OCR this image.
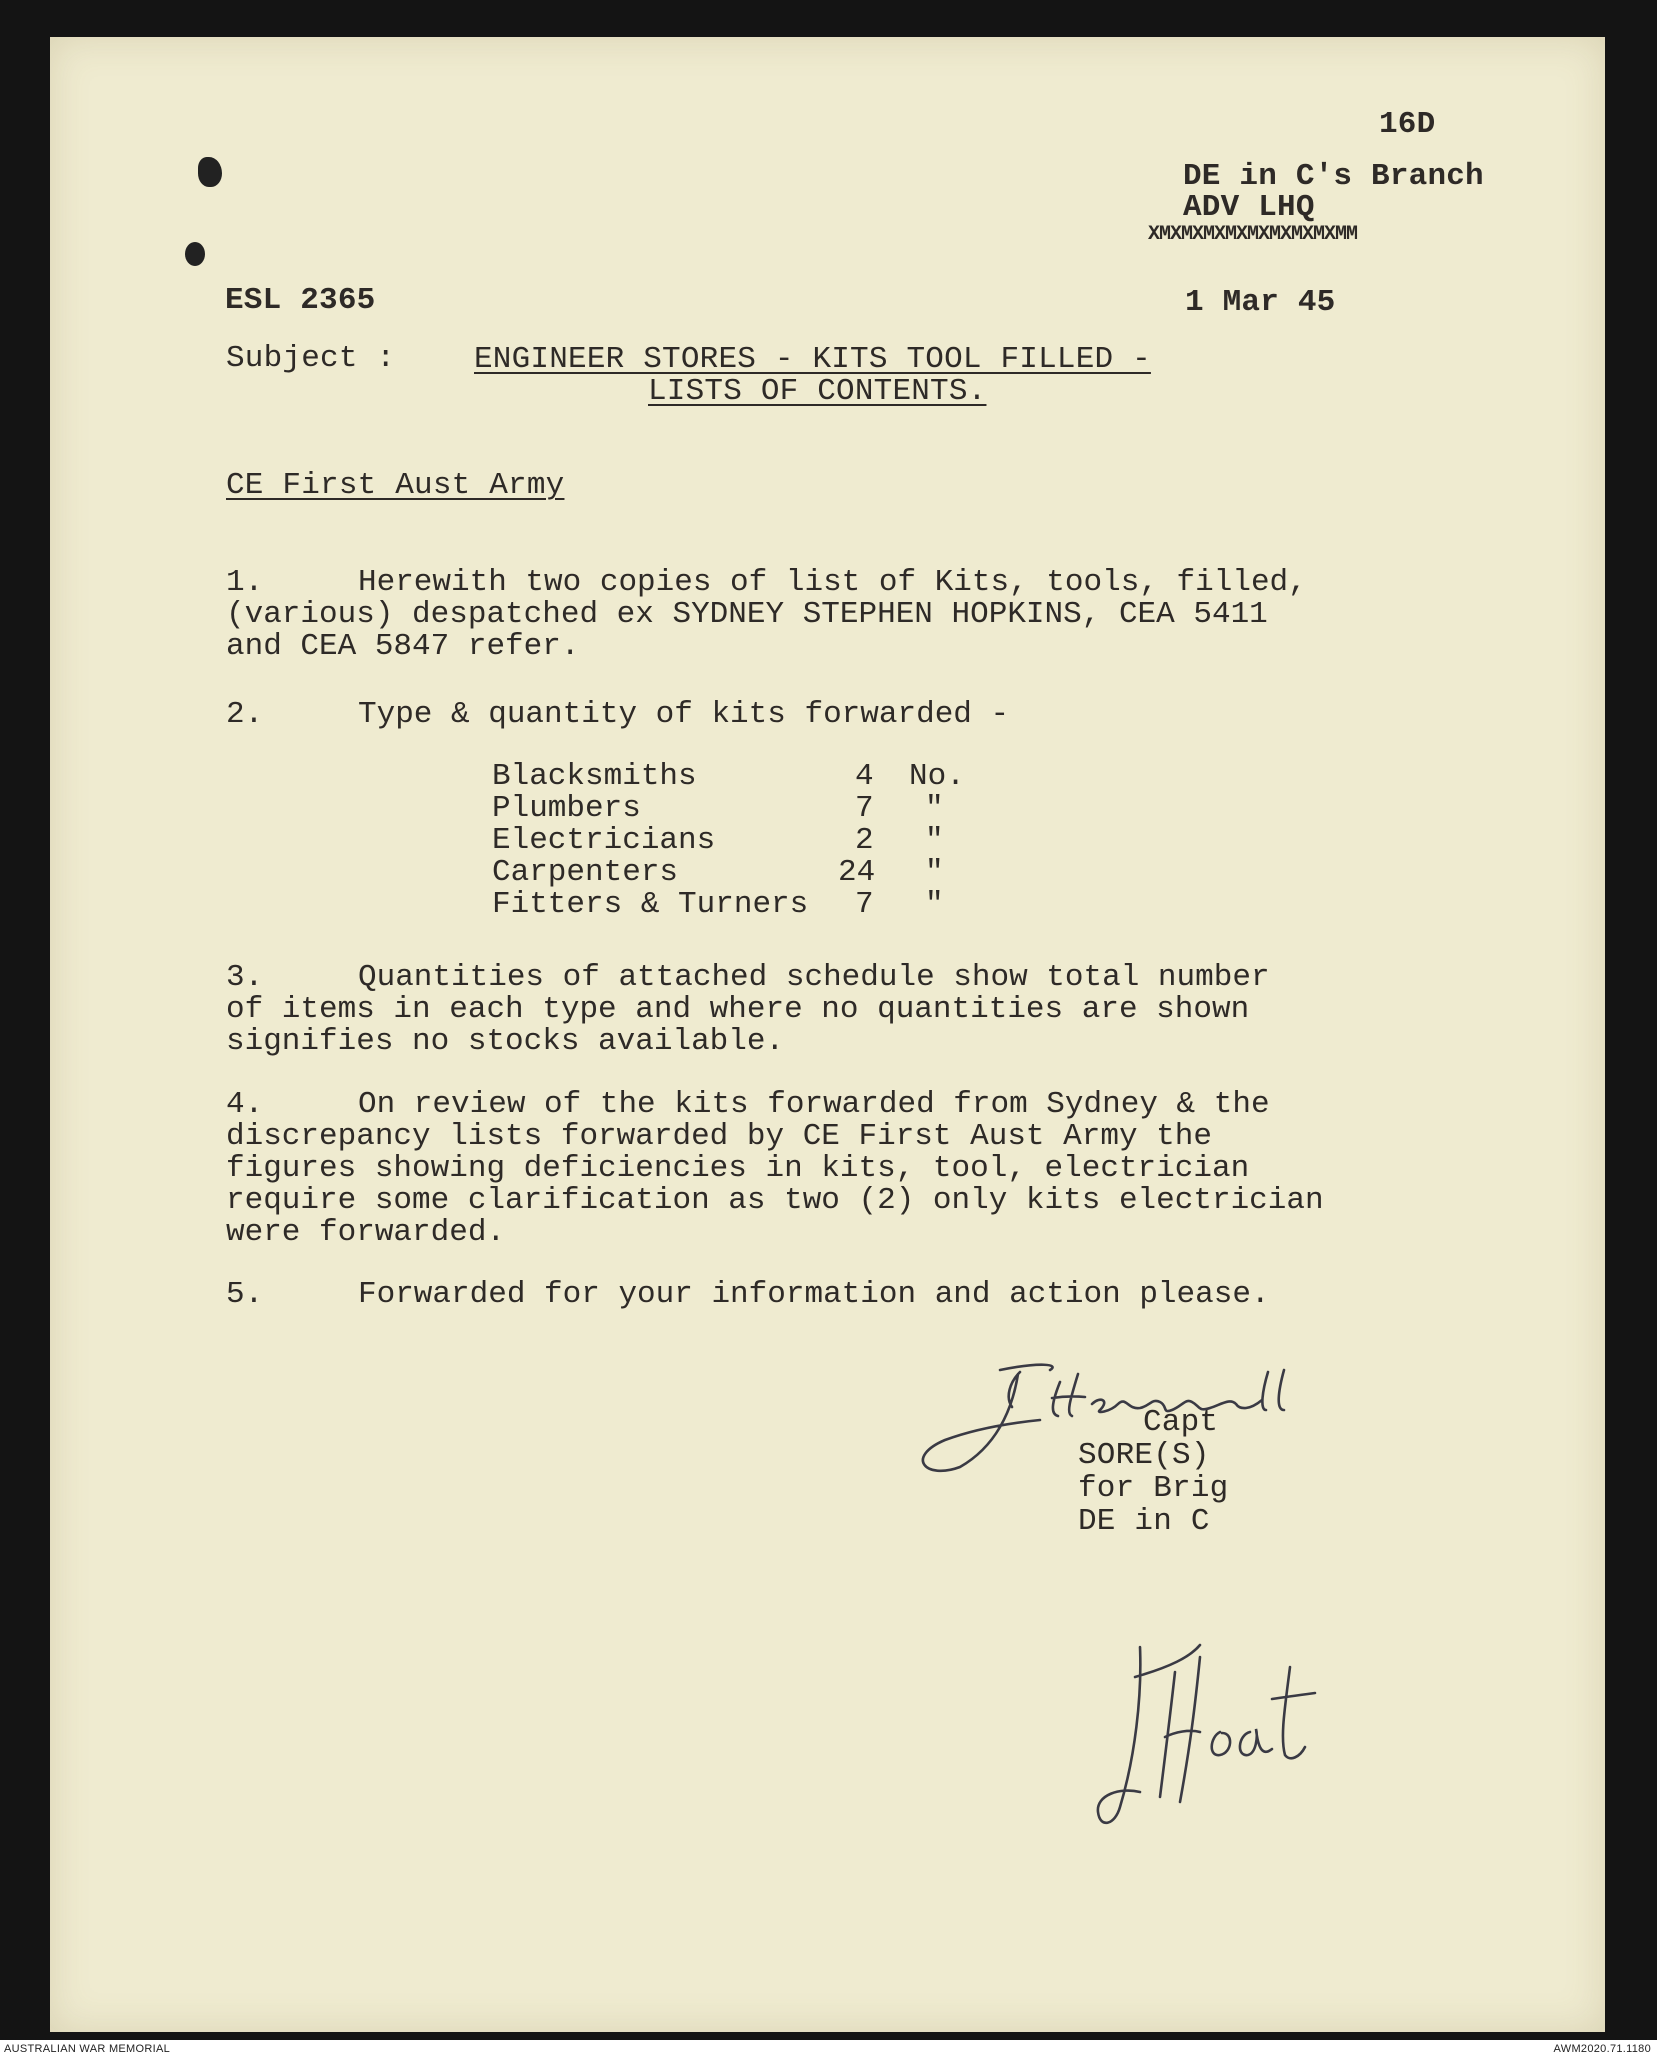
16D
DE in C's Branch
ADV LHQ
XMXMXMXMXMXMXMXMXMM
ESL 2365	1 Mar 45
Subject :	ENGINEER STORES - KITS TOOL FILLED -
LISTS OF CONTENTS.
CE First Aust Army
1.	Herewith two copies of list of Kits, tools, filled,
(various) despatched ex SYDNEY STEPHEN HOPKINS, CEA 5411
and CEA 5847 refer.
2.	Type & quantity of kits forwarded -
Blacksmiths	4 No.
Plumbers	7 "
Electricians	2 "
Carpenters	24 "
Fitters & Turners 7 "
3.	Quantities of attached schedule show total number
of items in each type and where no quantities are shown
signifies no stocks available.
4.	On review of the kits forwarded from Sydney & the
discrepancy lists forwarded by CE First Aust Army the
figures showing deficiencies in kits, tool, electrician
require some clarification as two (2) only kits electrician
were forwarded.
5.	Forwarded for your information and action please.
Capt
SORE(S)
for Brig
DE in C
AUSTRALIAN WAR MEMORIAL	AWM2020.71.1180
